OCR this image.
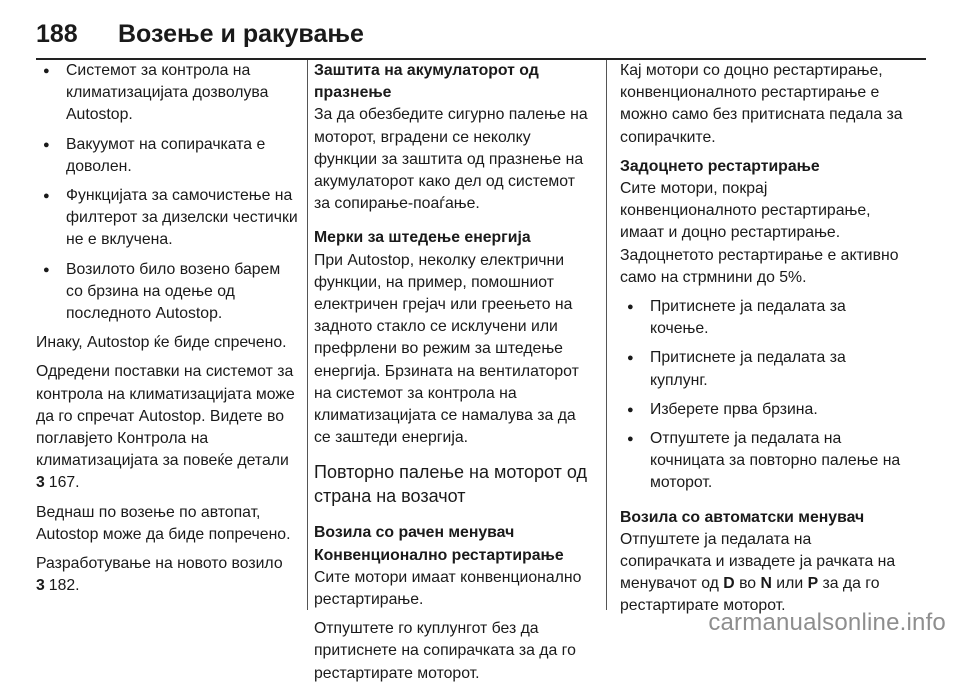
188 Возење и ракување
● Системот за контрола на климатизацијата дозволува Autostop.
● Вакуумот на сопирачката е доволен.
● Функцијата за самочистење на филтерот за дизелски честички не е вклучена.
● Возилото било возено барем со брзина на одење од последното Autostop.

Инаку, Autostop ќе биде спречено.

Одредени поставки на системот за контрола на климатизацијата може да го спречат Autostop. Видете во поглавјето Контрола на климатизацијата за повеќе детали
3 167.

Веднаш по возење по автопат, Autostop може да биде попречено.

Разработување на новото возило
3 182.

Заштита на акумулаторот од празнење

За да обезбедите сигурно палење на моторот, вградени се неколку функции за заштита од празнење на акумулаторот како дел од системот за сопирање-поаѓање.

Мерки за штедење енергија

При Autostop, неколку електрични функции, на пример, помошниот електричен грејач или греењето на задното стакло се исклучени или префрлени во режим за штедење енергија. Брзината на вентилаторот на системот за контрола на климатизацијата се намалува за да се заштеди енергија.

Повторно палење на моторот од страна на возачот

Возила со рачен менувач

Конвенционално рестартирање

Сите мотори имаат конвенционално рестартирање.

Отпуштете го куплунгот без да притиснете на сопирачката за да го рестартирате моторот.

Кај мотори со доцно рестартирање, конвенционалното рестартирање е можно само без притисната педала за сопирачките.

Задоцнето рестартирање

Сите мотори, покрај конвенционалното рестартирање, имаат и доцно рестартирање. Задоцнетото рестартирање е активно само на стрмнини до 5%.

● Притиснете ја педалата за кочење.
● Притиснете ја педалата за куплунг.
● Изберете прва брзина.
● Отпуштете ја педалата на кочницата за повторно палење на моторот.

Возила со автоматски менувач

Отпуштете ја педалата на сопирачката и извадете ја рачката на менувачот од D во N или P за да го рестартирате моторот.

carmanualsonline.info
